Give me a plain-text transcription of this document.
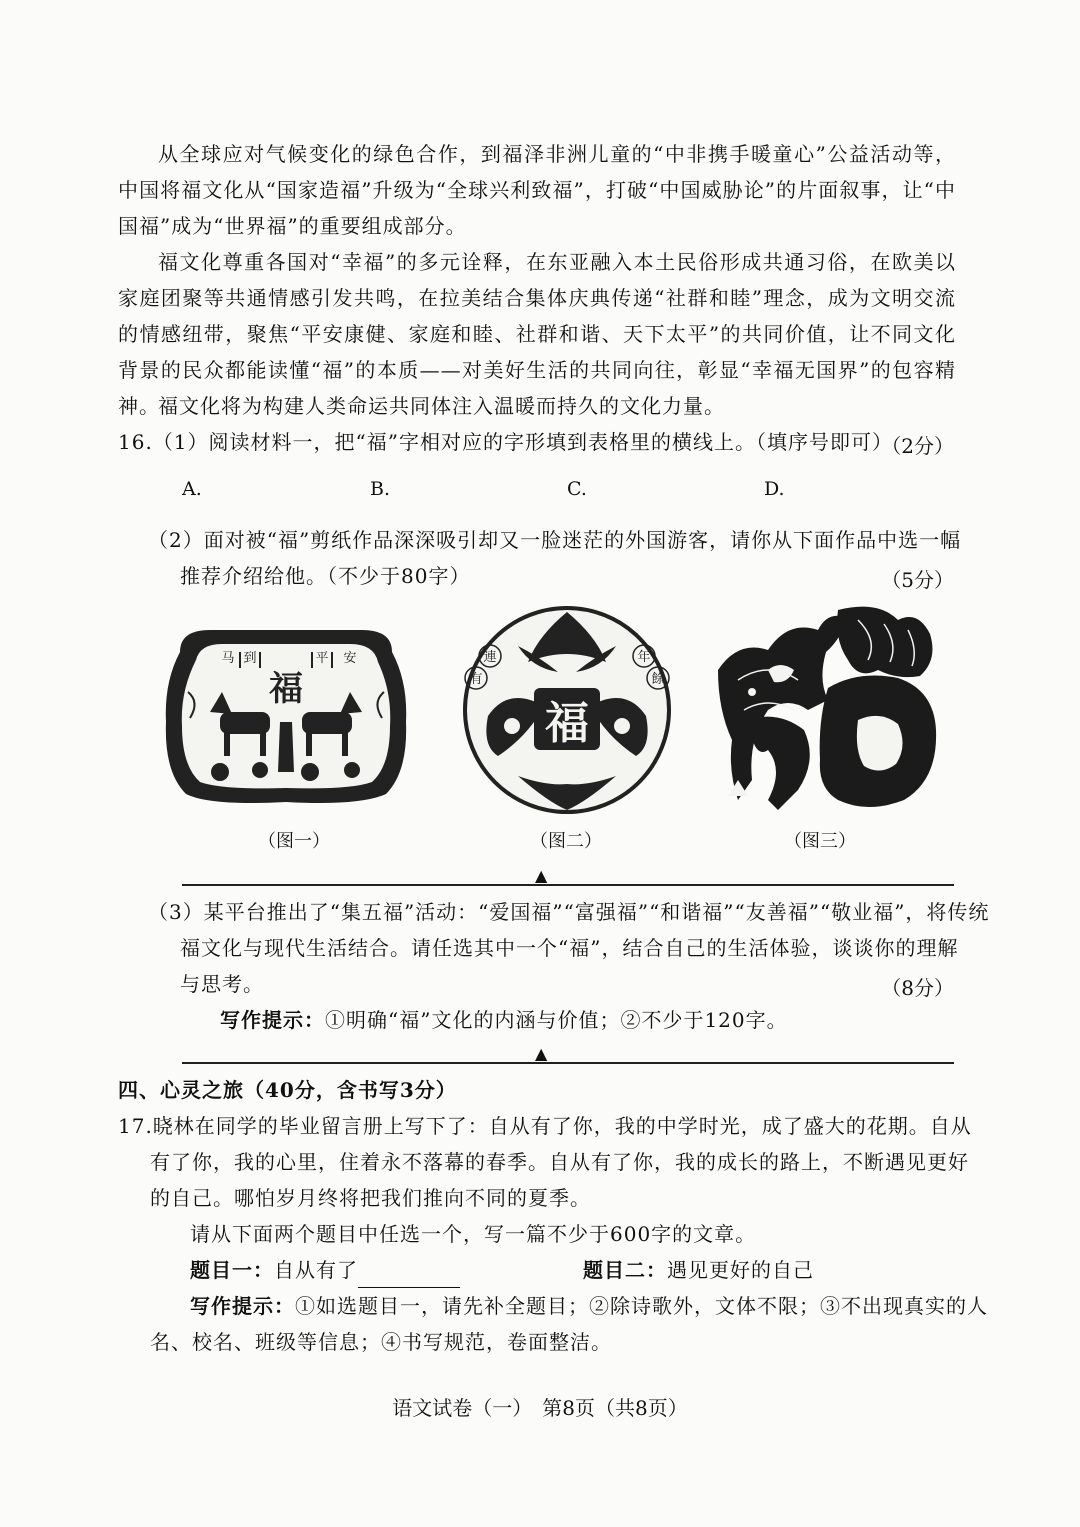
从全球应对气候变化的绿色合作，到福泽非洲儿童的“中非携手暖童心”公益活动等，中国将福文化从“国家造福”升级为“全球兴利致福”，打破“中国威胁论”的片面叙事，让“中国福”成为“世界福”的重要组成部分。
福文化尊重各国对“幸福”的多元诠释，在东亚融入本土民俗形成共通习俗，在欧美以家庭团聚等共通情感引发共鸣，在拉美结合集体庆典传递“社群和睦”理念，成为文明交流的情感纽带，聚焦“平安康健、家庭和睦、社群和谐、天下太平”的共同价值，让不同文化背景的民众都能读懂“福”的本质——对美好生活的共同向往，彰显“幸福无国界”的包容精神。
福文化将为构建人类命运共同体注入温暖而持久的文化力量。
16.（1）阅读材料一，把“福”字相对应的字形填到表格里的横线上。（填序号即可）
（2分）
A.	B.	C.	D.
（2）面对被“福”剪纸作品深深吸引却又一脸迷茫的外国游客，请你从下面作品中选一幅
推荐介绍给他。（不少于80字）	（5分）
福
马 到	平 安
福
連
有
年
餘
（图一）	（图二）	（图三）
▲
（3）某平台推出了“集五福”活动：“爱国福”“富强福”“和谐福”“友善福”“敬业福”，将传统
福文化与现代生活结合。请任选其中一个“福”，结合自己的生活体验，谈谈你的理解
与思考。	（8分）
写作提示：①明确“福”文化的内涵与价值；②不少于120字。
▲
四、心灵之旅（40分，含书写3分）
17.晓林在同学的毕业留言册上写下了：自从有了你，我的中学时光，成了盛大的花期。自从
有了你，我的心里，住着永不落幕的春季。自从有了你，我的成长的路上，不断遇见更好
的自己。哪怕岁月终将把我们推向不同的夏季。
请从下面两个题目中任选一个，写一篇不少于600字的文章。
题目一：自从有了	题目二：遇见更好的自己
写作提示：①如选题目一，请先补全题目；②除诗歌外，文体不限；③不出现真实的人
名、校名、班级等信息；④书写规范，卷面整洁。
语文试卷（一）　第8页（共8页）
